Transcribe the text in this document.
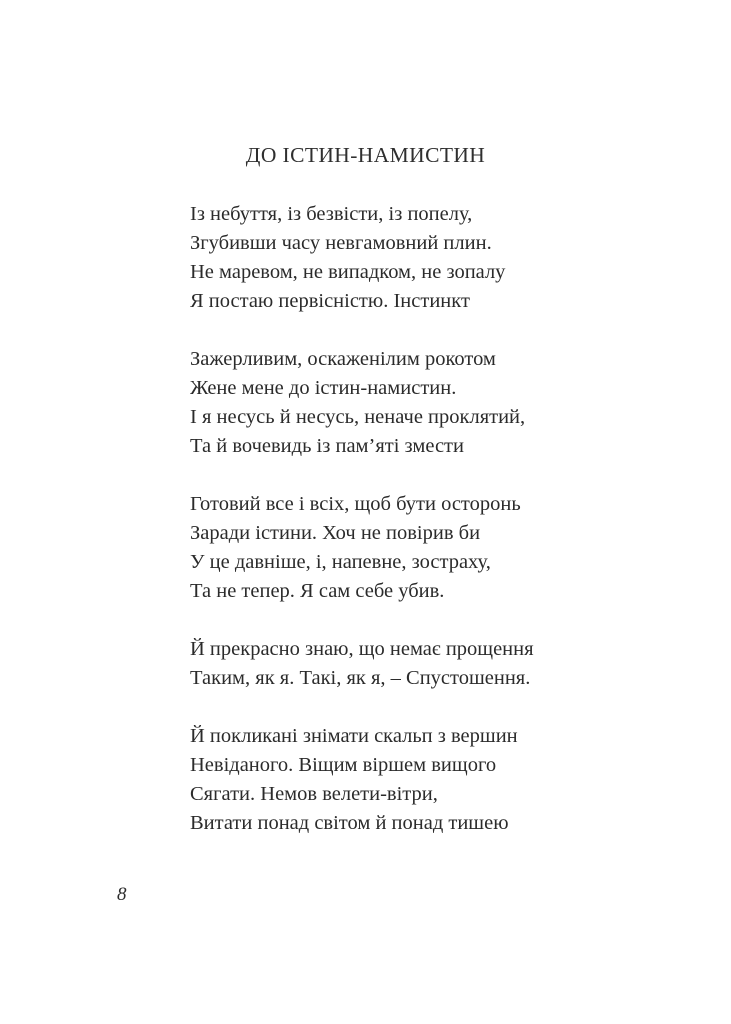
ДО ІСТИН-НАМИСТИН
Із небуття, із безвісти, із попелу,
Згубивши часу невгамовний плин.
Не маревом, не випадком, не зопалу
Я постаю первісністю. Інстинкт
Зажерливим, оскаженілим рокотом
Жене мене до істин-намистин.
І я несусь й несусь, неначе проклятий,
Та й вочевидь із пам’яті змести
Готовий все і всіх, щоб бути осторонь
Заради істини. Хоч не повірив би
У це давніше, і, напевне, зостраху,
Та не тепер. Я сам себе убив.
Й прекрасно знаю, що немає прощення
Таким, як я. Такі, як я, – Спустошення.
Й покликані знімати скальп з вершин
Невіданого. Віщим віршем вищого
Сягати. Немов велети-вітри,
Витати понад світом й понад тишею
8
